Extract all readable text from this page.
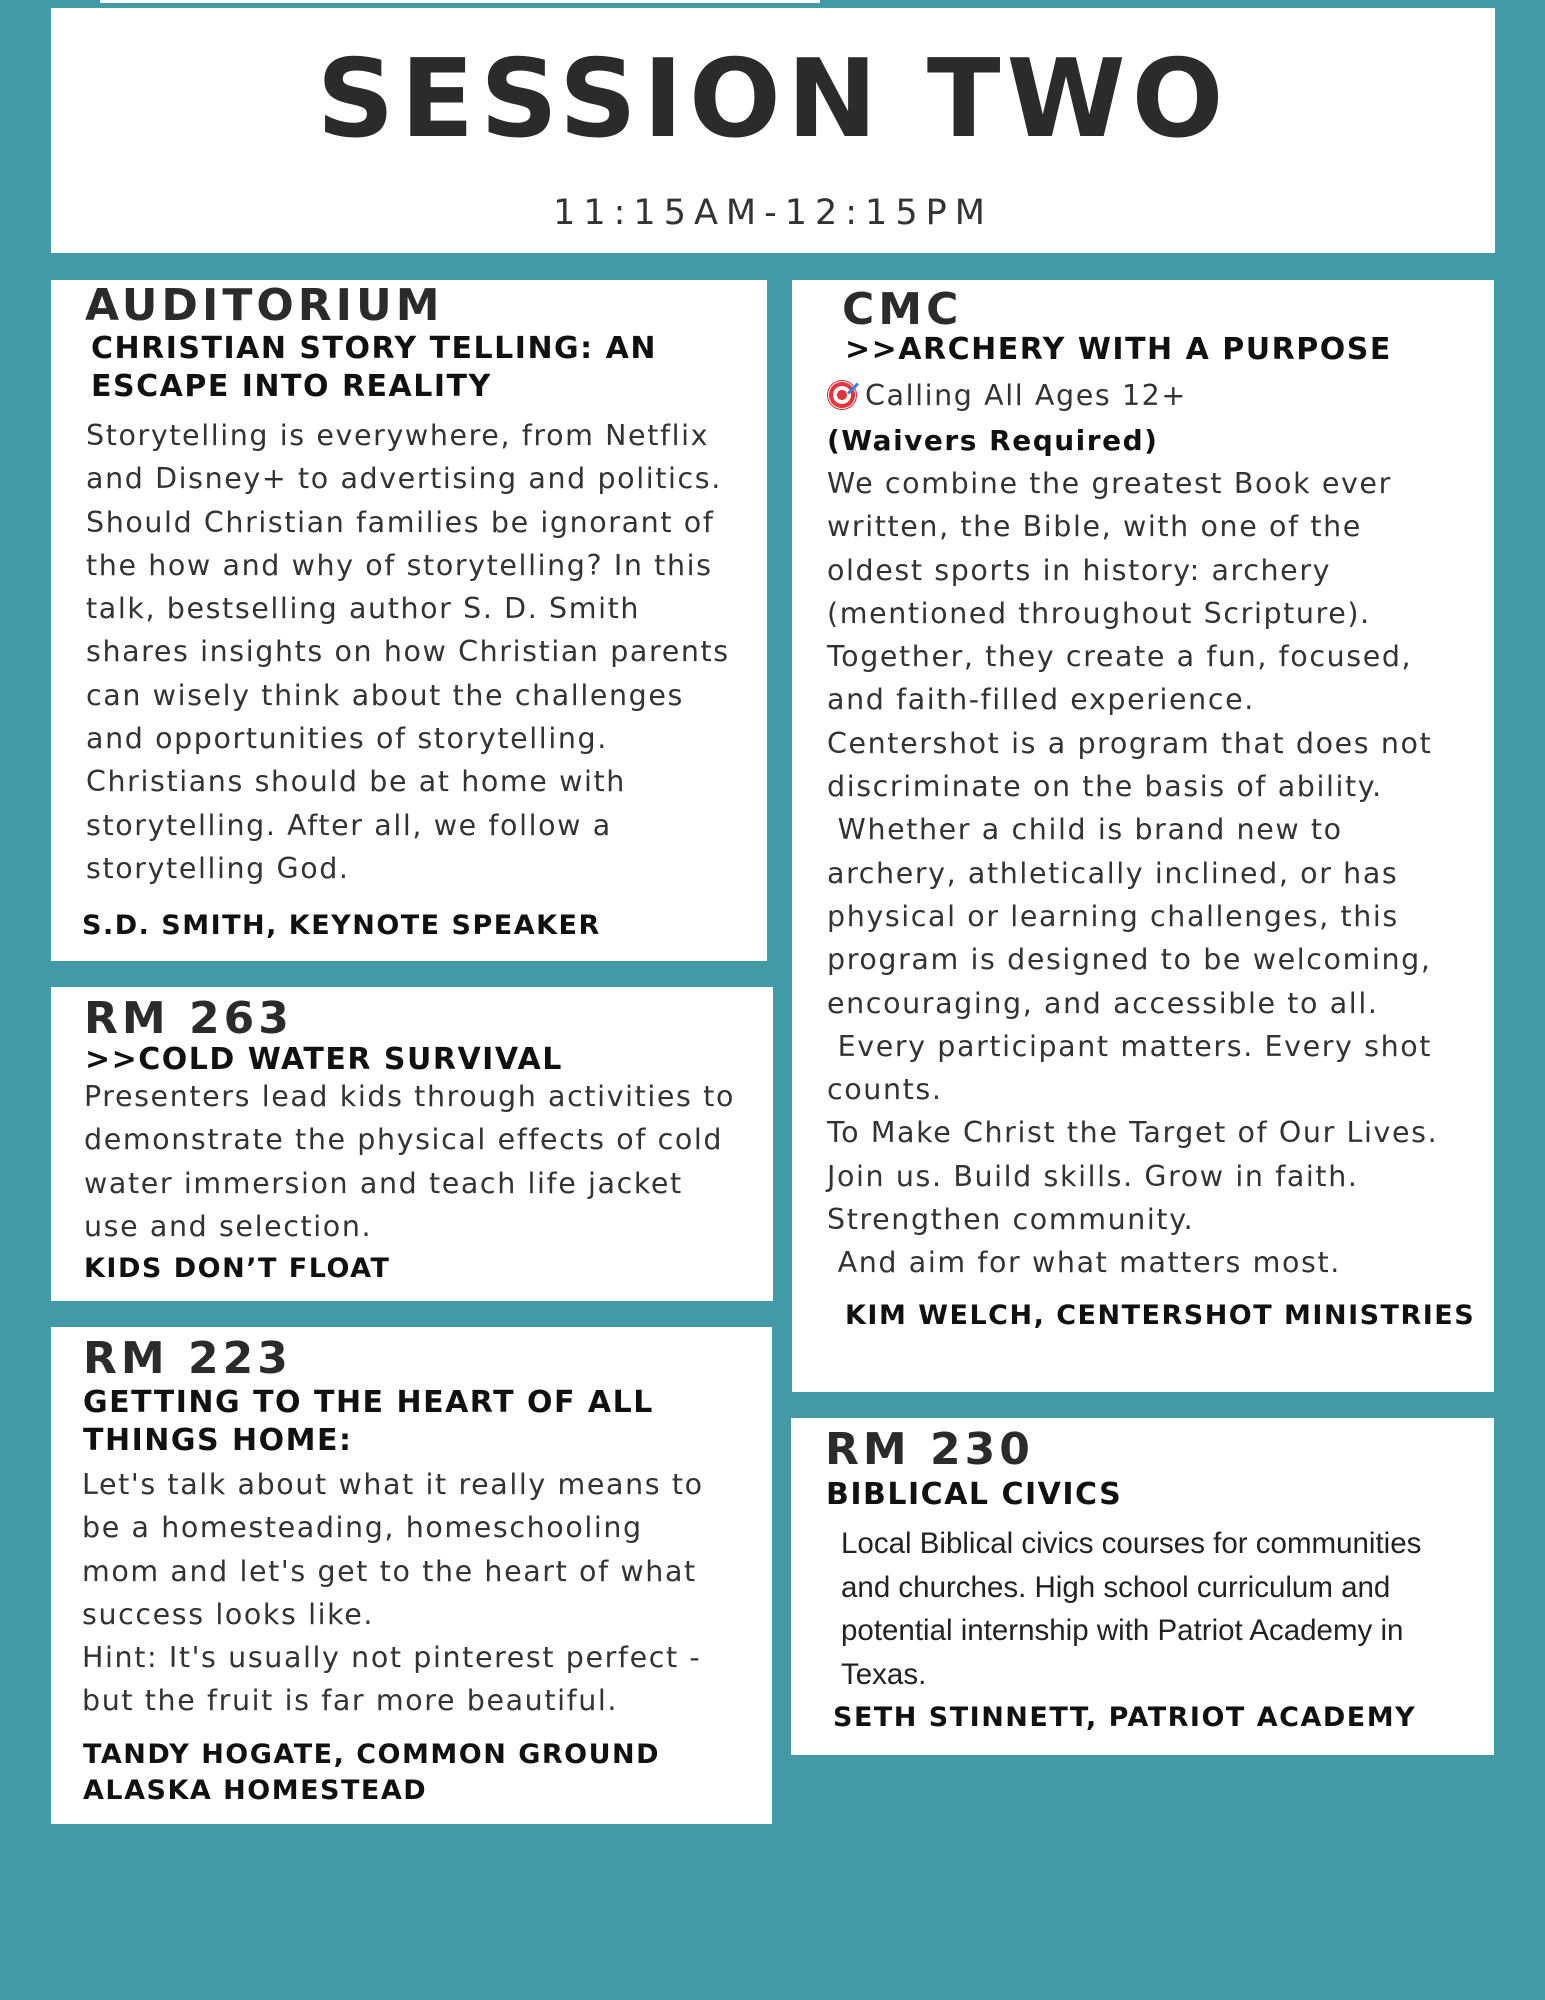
SESSION TWO
11:15AM-12:15PM
AUDITORIUM
CHRISTIAN STORY TELLING: AN
ESCAPE INTO REALITY
Storytelling is everywhere, from Netflix
and Disney+ to advertising and politics.
Should Christian families be ignorant of
the how and why of storytelling? In this
talk, bestselling author S. D. Smith
shares insights on how Christian parents
can wisely think about the challenges
and opportunities of storytelling.
Christians should be at home with
storytelling. After all, we follow a
storytelling God.
S.D. SMITH, KEYNOTE SPEAKER
RM 263
>>COLD WATER SURVIVAL
Presenters lead kids through activities to
demonstrate the physical effects of cold
water immersion and teach life jacket
use and selection.
KIDS DON’T FLOAT
RM 223
GETTING TO THE HEART OF ALL
THINGS HOME:
Let's talk about what it really means to
be a homesteading, homeschooling
mom and let's get to the heart of what
success looks like.
Hint: It's usually not pinterest perfect -
but the fruit is far more beautiful.
TANDY HOGATE, COMMON GROUND
ALASKA HOMESTEAD
CMC
>>ARCHERY WITH A PURPOSE
Calling All Ages 12+
(Waivers Required)
We combine the greatest Book ever
written, the Bible, with one of the
oldest sports in history: archery
(mentioned throughout Scripture).
Together, they create a fun, focused,
and faith-filled experience.
Centershot is a program that does not
discriminate on the basis of ability.
Whether a child is brand new to
archery, athletically inclined, or has
physical or learning challenges, this
program is designed to be welcoming,
encouraging, and accessible to all.
Every participant matters. Every shot
counts.
To Make Christ the Target of Our Lives.
Join us. Build skills. Grow in faith.
Strengthen community.
And aim for what matters most.
KIM WELCH, CENTERSHOT MINISTRIES
RM 230
BIBLICAL CIVICS
Local Biblical civics courses for communities
and churches. High school curriculum and
potential internship with Patriot Academy in
Texas.
SETH STINNETT, PATRIOT ACADEMY
